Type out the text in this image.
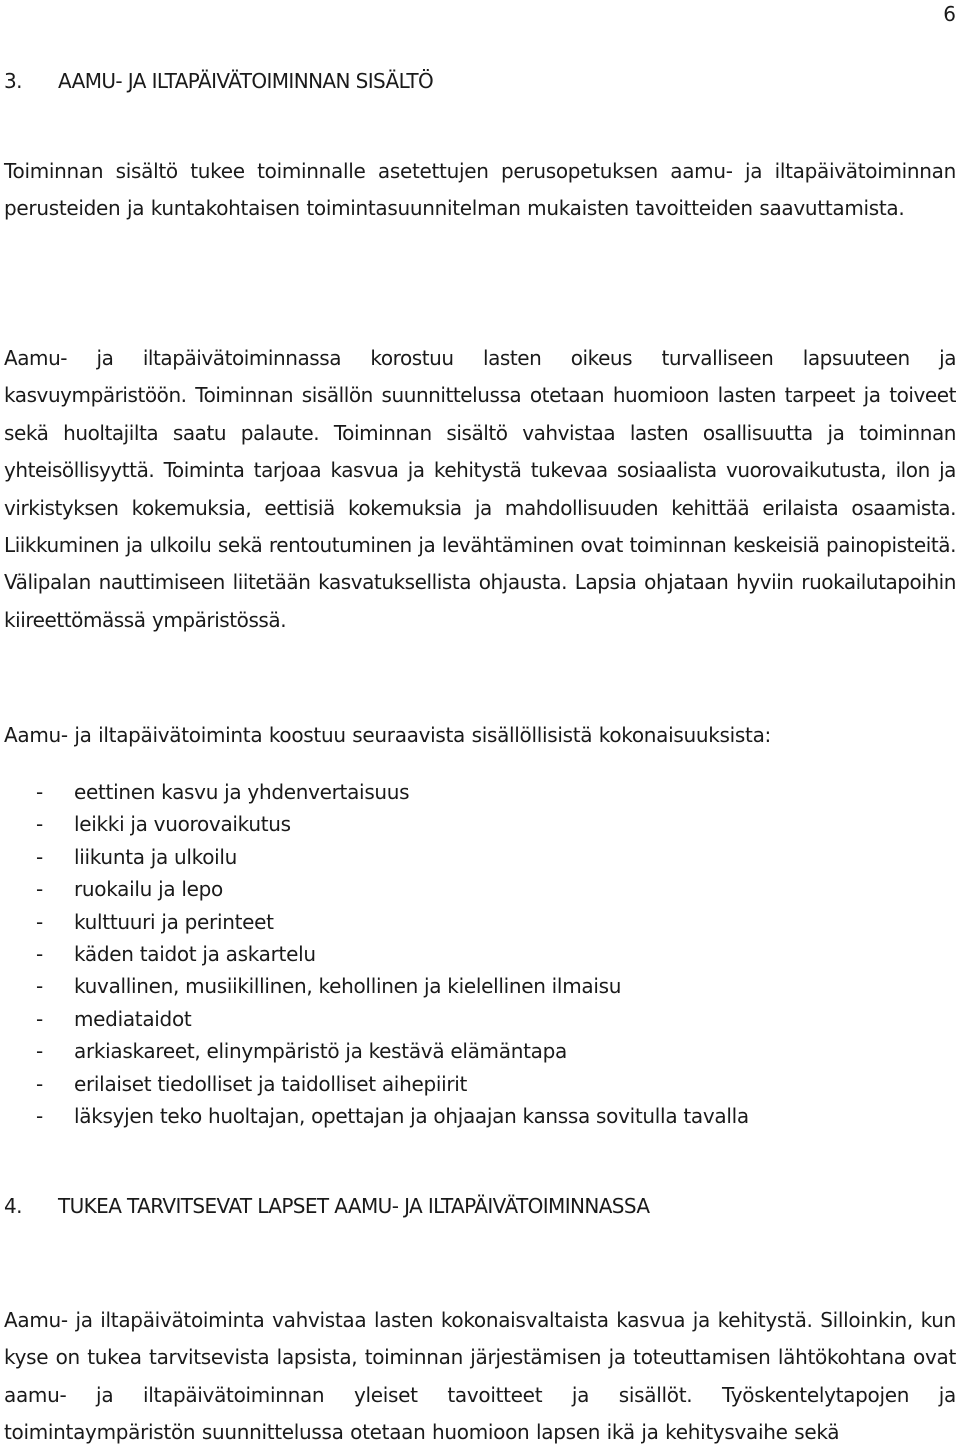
6
3. AAMU- JA ILTAPÄIVÄTOIMINNAN SISÄLTÖ

Toiminnan sisältö tukee toiminnalle asetettujen perusopetuksen aamu- ja iltapäivätoiminnan perusteiden ja kuntakohtaisen toimintasuunnitelman mukaisten tavoitteiden saavuttamista.

Aamu- ja iltapäivätoiminnassa korostuu lasten oikeus turvalliseen lapsuuteen ja kasvuympäristöön. Toiminnan sisällön suunnittelussa otetaan huomioon lasten tarpeet ja toiveet sekä huoltajilta saatu palaute. Toiminnan sisältö vahvistaa lasten osallisuutta ja toiminnan yhteisöllisyyttä. Toiminta tarjoaa kasvua ja kehitystä tukevaa sosiaalista vuorovaikutusta, ilon ja virkistyksen kokemuksia, eettisiä kokemuksia ja mahdollisuuden kehittää erilaista osaamista. Liikkuminen ja ulkoilu sekä rentoutuminen ja levähtäminen ovat toiminnan keskeisiä painopisteitä. Välipalan nauttimiseen liitetään kasvatuksellista ohjausta. Lapsia ohjataan hyviin ruokailutapoihin kiireettömässä ympäristössä.

Aamu- ja iltapäivätoiminta koostuu seuraavista sisällöllisistä kokonaisuuksista:

- eettinen kasvu ja yhdenvertaisuus
- leikki ja vuorovaikutus
- liikunta ja ulkoilu
- ruokailu ja lepo
- kulttuuri ja perinteet
- käden taidot ja askartelu
- kuvallinen, musiikillinen, kehollinen ja kielellinen ilmaisu
- mediataidot
- arkiaskareet, elinympäristö ja kestävä elämäntapa
- erilaiset tiedolliset ja taidolliset aihepiirit
- läksyjen teko huoltajan, opettajan ja ohjaajan kanssa sovitulla tavalla
4. TUKEA TARVITSEVAT LAPSET AAMU- JA ILTAPÄIVÄTOIMINNASSA

Aamu- ja iltapäivätoiminta vahvistaa lasten kokonaisvaltaista kasvua ja kehitystä. Silloinkin, kun kyse on tukea tarvitsevista lapsista, toiminnan järjestämisen ja toteuttamisen lähtökohtana ovat aamu- ja iltapäivätoiminnan yleiset tavoitteet ja sisällöt. Työskentelytapojen ja toimintaympäristön suunnittelussa otetaan huomioon lapsen ikä ja kehitysvaihe sekä
